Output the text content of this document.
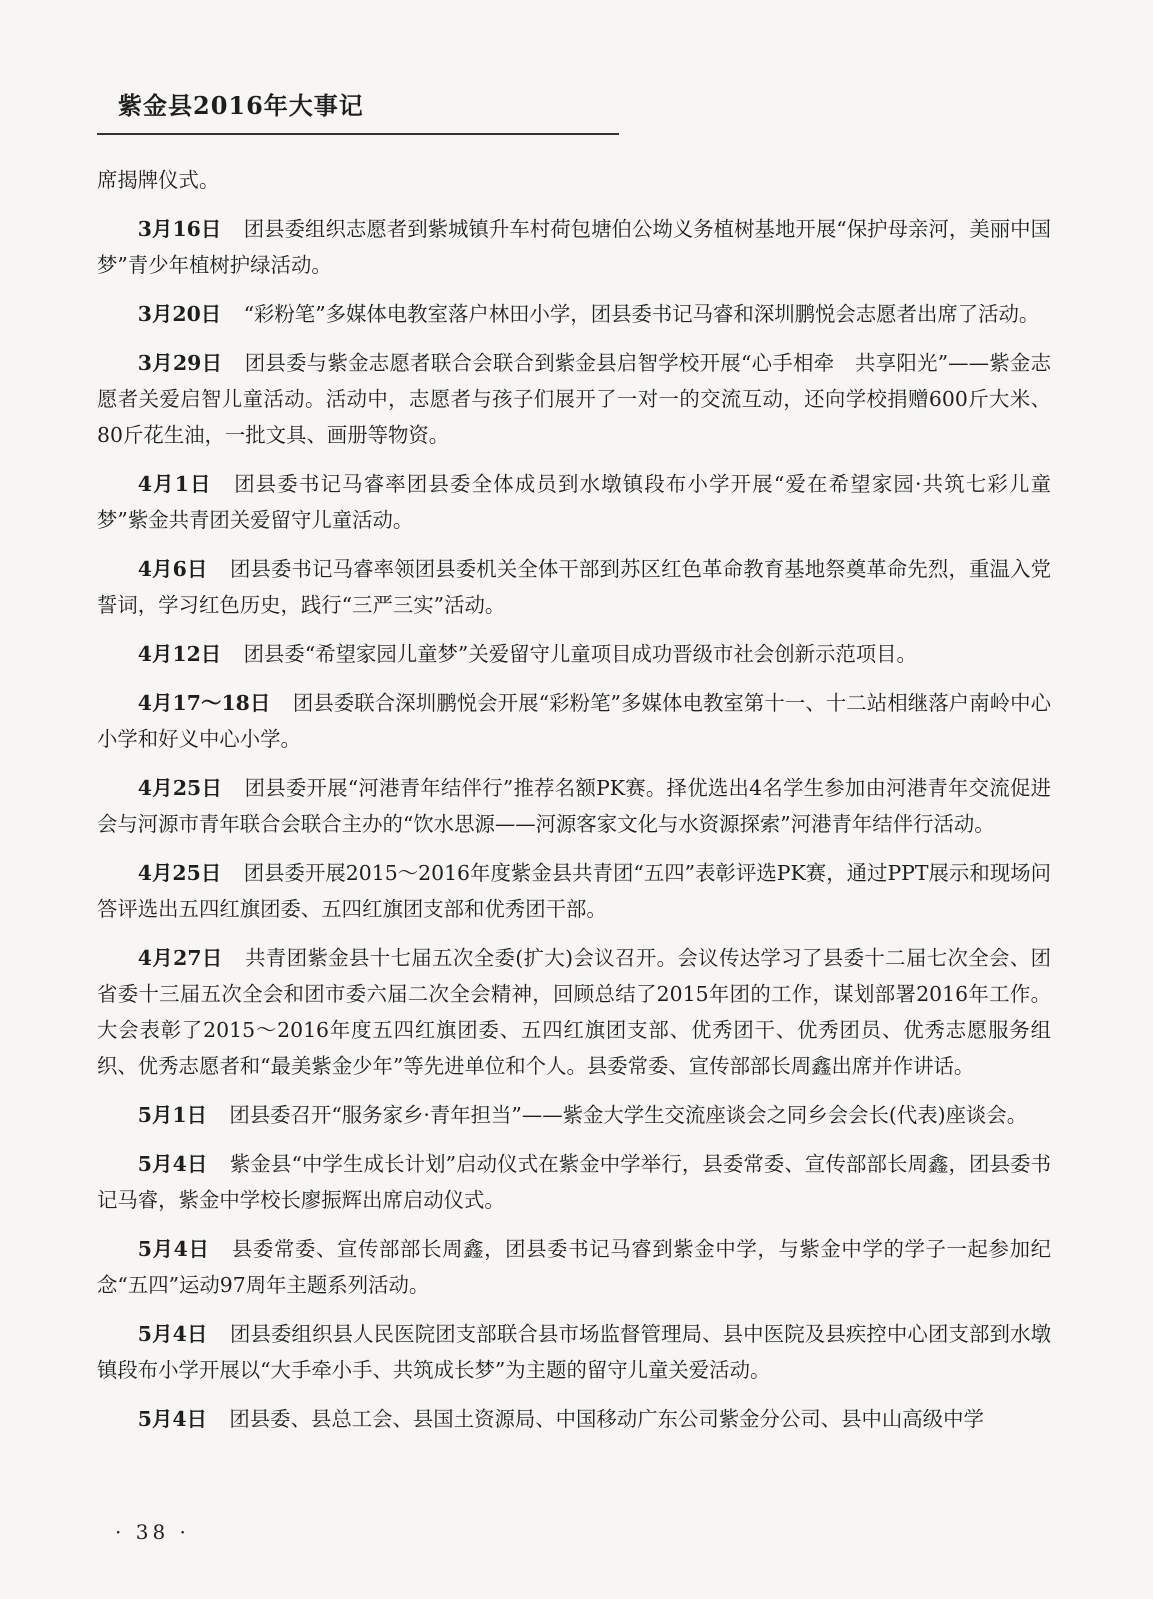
紫金县2016年大事记

席揭牌仪式。

3月16日 团县委组织志愿者到紫城镇升车村荷包塘伯公坳义务植树基地开展“保护母亲河，美丽中国梦”青少年植树护绿活动。

3月20日 “彩粉笔”多媒体电教室落户林田小学，团县委书记马睿和深圳鹏悦会志愿者出席了活动。

3月29日 团县委与紫金志愿者联合会联合到紫金县启智学校开展“心手相牵　共享阳光”——紫金志愿者关爱启智儿童活动。活动中，志愿者与孩子们展开了一对一的交流互动，还向学校捐赠600斤大米、80斤花生油，一批文具、画册等物资。

4月1日 团县委书记马睿率团县委全体成员到水墩镇段布小学开展“爱在希望家园·共筑七彩儿童梦”紫金共青团关爱留守儿童活动。

4月6日 团县委书记马睿率领团县委机关全体干部到苏区红色革命教育基地祭奠革命先烈，重温入党誓词，学习红色历史，践行“三严三实”活动。

4月12日 团县委“希望家园儿童梦”关爱留守儿童项目成功晋级市社会创新示范项目。

4月17～18日 团县委联合深圳鹏悦会开展“彩粉笔”多媒体电教室第十一、十二站相继落户南岭中心小学和好义中心小学。

4月25日 团县委开展“河港青年结伴行”推荐名额PK赛。择优选出4名学生参加由河港青年交流促进会与河源市青年联合会联合主办的“饮水思源——河源客家文化与水资源探索”河港青年结伴行活动。

4月25日 团县委开展2015～2016年度紫金县共青团“五四”表彰评选PK赛，通过PPT展示和现场问答评选出五四红旗团委、五四红旗团支部和优秀团干部。

4月27日 共青团紫金县十七届五次全委(扩大)会议召开。会议传达学习了县委十二届七次全会、团省委十三届五次全会和团市委六届二次全会精神，回顾总结了2015年团的工作，谋划部署2016年工作。大会表彰了2015～2016年度五四红旗团委、五四红旗团支部、优秀团干、优秀团员、优秀志愿服务组织、优秀志愿者和“最美紫金少年”等先进单位和个人。县委常委、宣传部部长周鑫出席并作讲话。

5月1日 团县委召开“服务家乡·青年担当”——紫金大学生交流座谈会之同乡会会长(代表)座谈会。

5月4日 紫金县“中学生成长计划”启动仪式在紫金中学举行，县委常委、宣传部部长周鑫，团县委书记马睿，紫金中学校长廖振辉出席启动仪式。

5月4日 县委常委、宣传部部长周鑫，团县委书记马睿到紫金中学，与紫金中学的学子一起参加纪念“五四”运动97周年主题系列活动。

5月4日 团县委组织县人民医院团支部联合县市场监督管理局、县中医院及县疾控中心团支部到水墩镇段布小学开展以“大手牵小手、共筑成长梦”为主题的留守儿童关爱活动。

5月4日 团县委、县总工会、县国土资源局、中国移动广东公司紫金分公司、县中山高级中学

· 38 ·
